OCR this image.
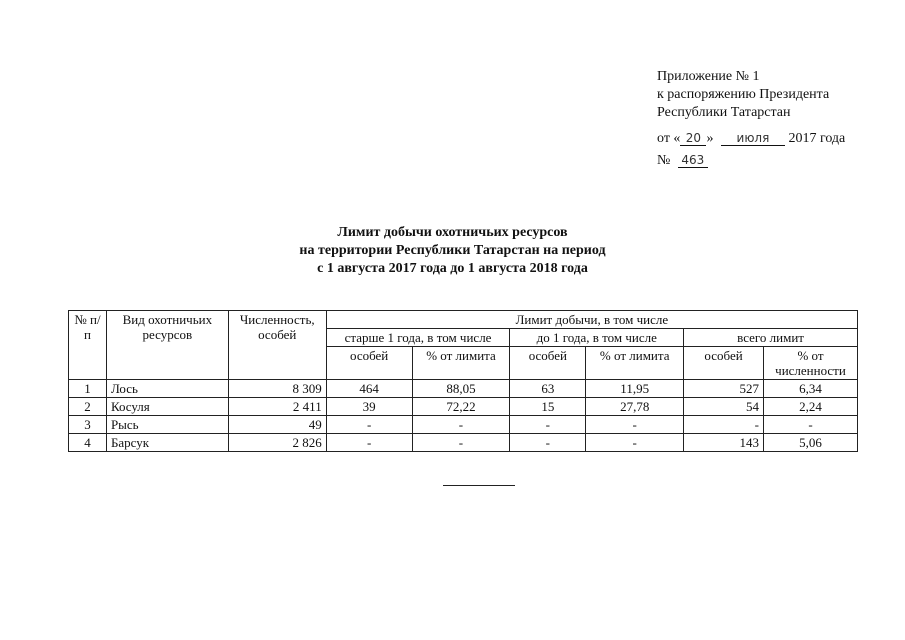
Приложение № 1
к распоряжению Президента
Республики Татарстан
от « 20 » июля 2017 года
№ 463
Лимит добычи охотничьих ресурсов
на территории Республики Татарстан на период
с 1 августа 2017 года до 1 августа 2018 года
№ п/п	Вид охотничьих ресурсов	Численность, особей	Лимит добычи, в том числе					
			старше 1 года, в том числе		до 1 года, в том числе		всего лимит	
			особей	% от лимита	особей	% от лимита	особей	% от численности
1	Лось	8 309	464	88,05	63	11,95	527	6,34
2	Косуля	2 411	39	72,22	15	27,78	54	2,24
3	Рысь	49	-	-	-	-	-	-
4	Барсук	2 826	-	-	-	-	143	5,06
